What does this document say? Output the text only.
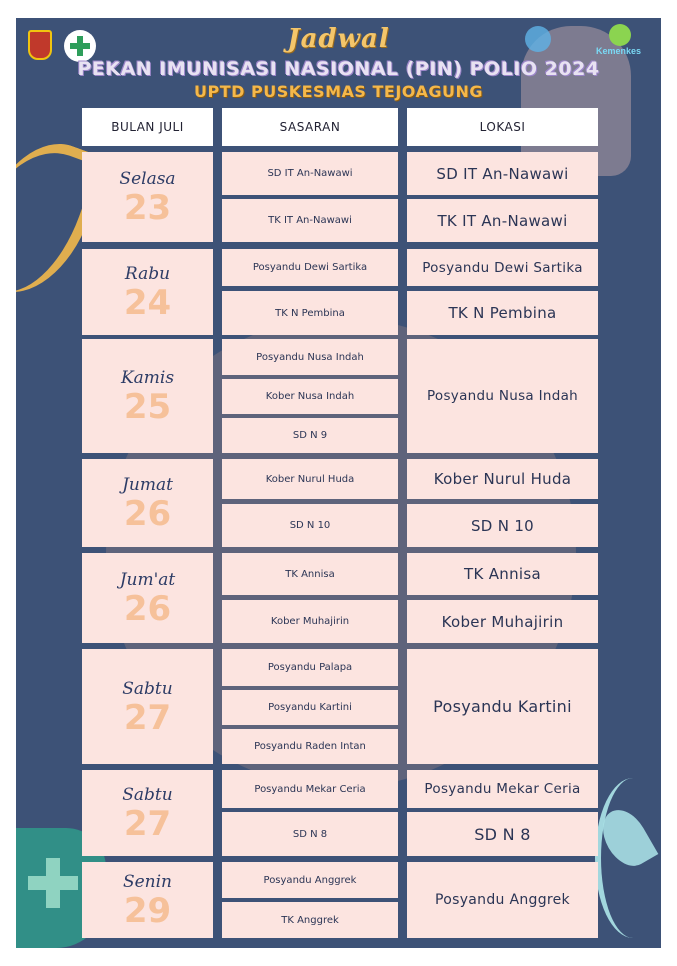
Kemenkes
Jadwal
PEKAN IMUNISASI NASIONAL (PIN) POLIO 2024
UPTD PUSKESMAS TEJOAGUNG
BULAN JULI	SASARAN	LOKASI
Selasa
23
SD IT An-Nawawi
TK IT An-Nawawi
SD IT An-Nawawi
TK IT An-Nawawi
Rabu
24
Posyandu Dewi Sartika
TK N Pembina
Posyandu Dewi Sartika
TK N Pembina
Kamis
25
Posyandu Nusa Indah
Kober Nusa Indah
SD N 9
Posyandu Nusa Indah
Jumat
26
Kober Nurul Huda
SD N 10
Kober Nurul Huda
SD N 10
Jum'at
26
TK Annisa
Kober Muhajirin
TK Annisa
Kober Muhajirin
Sabtu
27
Posyandu Palapa
Posyandu Kartini
Posyandu Raden Intan
Posyandu Kartini
Sabtu
27
Posyandu Mekar Ceria
SD N 8
Posyandu Mekar Ceria
SD N 8
Senin
29
Posyandu Anggrek
TK Anggrek
Posyandu Anggrek
